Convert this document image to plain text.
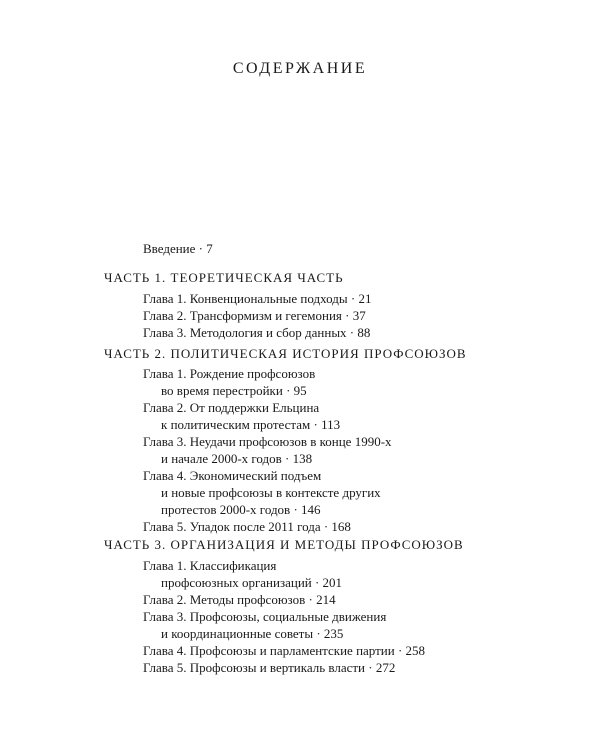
СОДЕРЖАНИЕ
Введение · 7
ЧАСТЬ 1. ТЕОРЕТИЧЕСКАЯ ЧАСТЬ
Глава 1. Конвенциональные подходы · 21
Глава 2. Трансформизм и гегемония · 37
Глава 3. Методология и сбор данных · 88
ЧАСТЬ 2. ПОЛИТИЧЕСКАЯ ИСТОРИЯ ПРОФСОЮЗОВ
Глава 1. Рождение профсоюзов
во время перестройки · 95
Глава 2. От поддержки Ельцина
к политическим протестам · 113
Глава 3. Неудачи профсоюзов в конце 1990-х
и начале 2000-х годов · 138
Глава 4. Экономический подъем
и новые профсоюзы в контексте других
протестов 2000-х годов · 146
Глава 5. Упадок после 2011 года · 168
ЧАСТЬ 3. ОРГАНИЗАЦИЯ И МЕТОДЫ ПРОФСОЮЗОВ
Глава 1. Классификация
профсоюзных организаций · 201
Глава 2. Методы профсоюзов · 214
Глава 3. Профсоюзы, социальные движения
и координационные советы · 235
Глава 4. Профсоюзы и парламентские партии · 258
Глава 5. Профсоюзы и вертикаль власти · 272
